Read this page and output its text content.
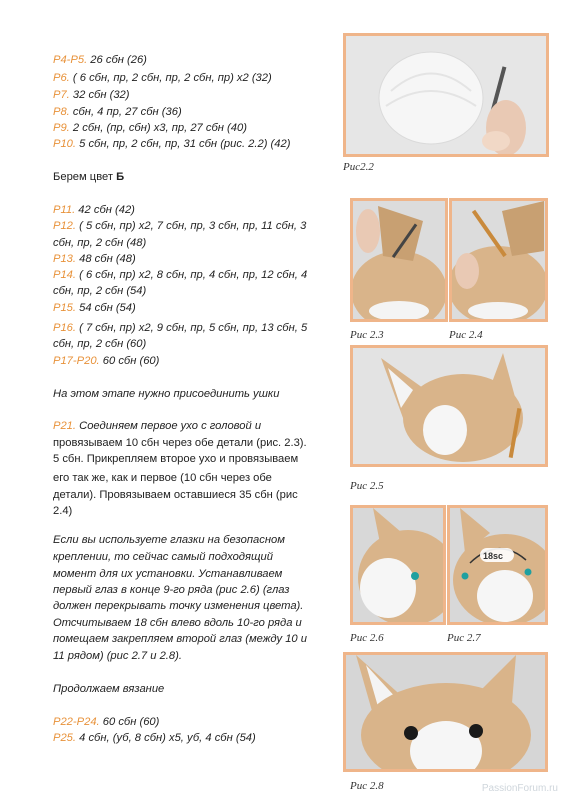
Р4-Р5. 26 сбн (26)
Р6. ( 6 сбн, пр, 2 сбн, пр, 2 сбн, пр) x2 (32)
Р7. 32 сбн (32)
Р8. сбн, 4 пр, 27 сбн (36)
Р9. 2 сбн, (пр, сбн) x3, пр, 27 сбн (40)
Р10. 5 сбн, пр, 2 сбн, пр, 31 сбн (рис. 2.2) (42)
Берем цвет Б
Р11. 42 сбн (42)
Р12. ( 5 сбн, пр) x2, 7 сбн, пр, 3 сбн, пр, 11 сбн, 3
сбн, пр, 2 сбн (48)
Р13. 48 сбн (48)
Р14. ( 6 сбн, пр) x2, 8 сбн, пр, 4 сбн, пр, 12 сбн, 4
сбн, пр, 2 сбн (54)
Р15. 54 сбн (54)
Р16. ( 7 сбн, пр) x2, 9 сбн, пр, 5 сбн, пр, 13 сбн, 5
сбн, пр, 2 сбн (60)
Р17-Р20. 60 сбн (60)
На этом этапе нужно присоединить ушки
Р21. Соединяем первое ухо с головой и
провязываем 10 сбн через обе детали (рис. 2.3).
5 сбн. Прикрепляем второе ухо и провязываем
его так же, как и первое (10 сбн через обе
детали). Провязываем оставшиеся 35 сбн (рис
2.4)
Если вы используете глазки на безопасном
креплении, то сейчас самый подходящий
момент для их установки. Устанавливаем
первый глаз в конце 9-го ряда (рис 2.6) (глаз
должен перекрывать точку изменения цвета).
Отсчитываем 18 сбн влево вдоль 10-го ряда и
помещаем закрепляем второй глаз (между 10 и
11 рядом) (рис 2.7 и 2.8).
Продолжаем вязание
Р22-Р24. 60 сбн (60)
Р25. 4 сбн, (уб, 8 сбн) x5, уб, 4 сбн (54)
Рис2.2
Рис 2.3	Рис 2.4
Рис 2.5
Рис 2.6
18sc
Рис 2.7
Рис 2.8	PassionForum.ru
